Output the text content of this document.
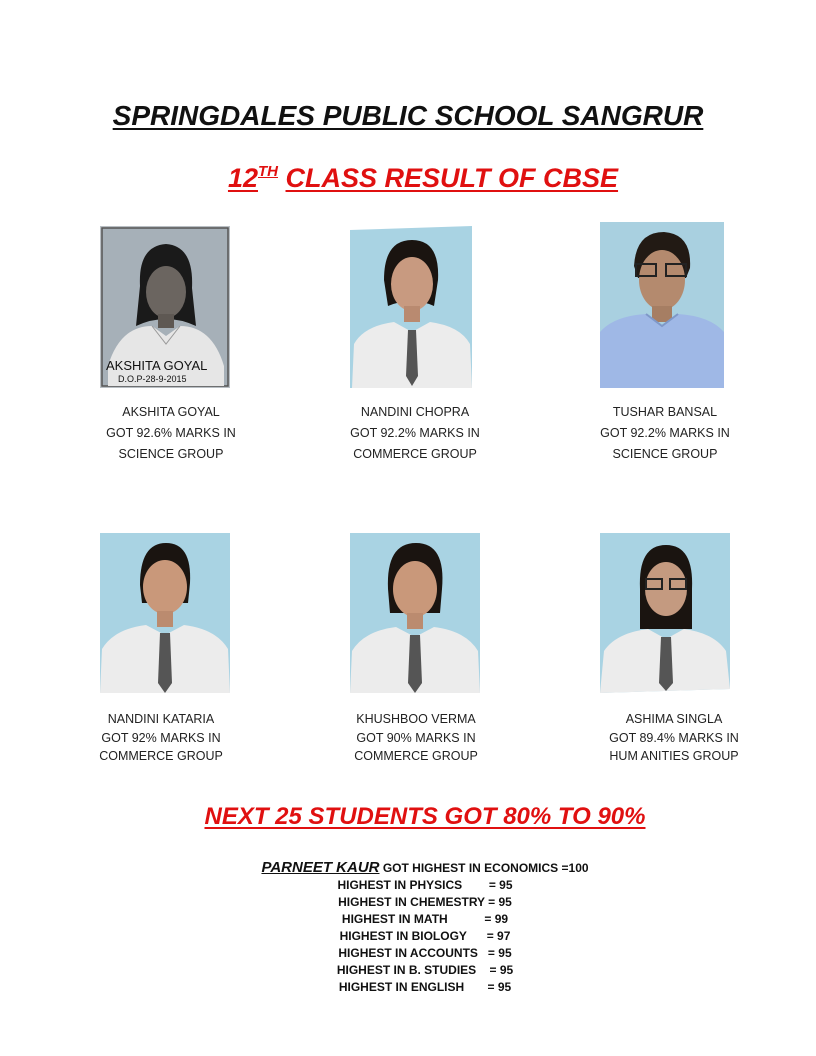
SPRINGDALES PUBLIC SCHOOL SANGRUR
12TH CLASS RESULT OF CBSE
AKSHITA GOYAL
D.O.P-28-9-2015
AKSHITA GOYAL
GOT 92.6% MARKS IN
SCIENCE GROUP
NANDINI CHOPRA
GOT 92.2% MARKS IN
COMMERCE GROUP
TUSHAR BANSAL
GOT 92.2% MARKS IN
SCIENCE GROUP
NANDINI KATARIA
GOT 92% MARKS IN
COMMERCE GROUP
KHUSHBOO VERMA
GOT 90% MARKS IN
COMMERCE GROUP
ASHIMA SINGLA
GOT 89.4% MARKS IN
HUM ANITIES GROUP
NEXT 25 STUDENTS GOT 80% TO 90%
PARNEET KAUR GOT HIGHEST IN ECONOMICS =100
HIGHEST IN PHYSICS        = 95
HIGHEST IN CHEMESTRY = 95
HIGHEST IN MATH           = 99
HIGHEST IN BIOLOGY      = 97
HIGHEST IN ACCOUNTS   = 95
HIGHEST IN B. STUDIES    = 95
HIGHEST IN ENGLISH       = 95
